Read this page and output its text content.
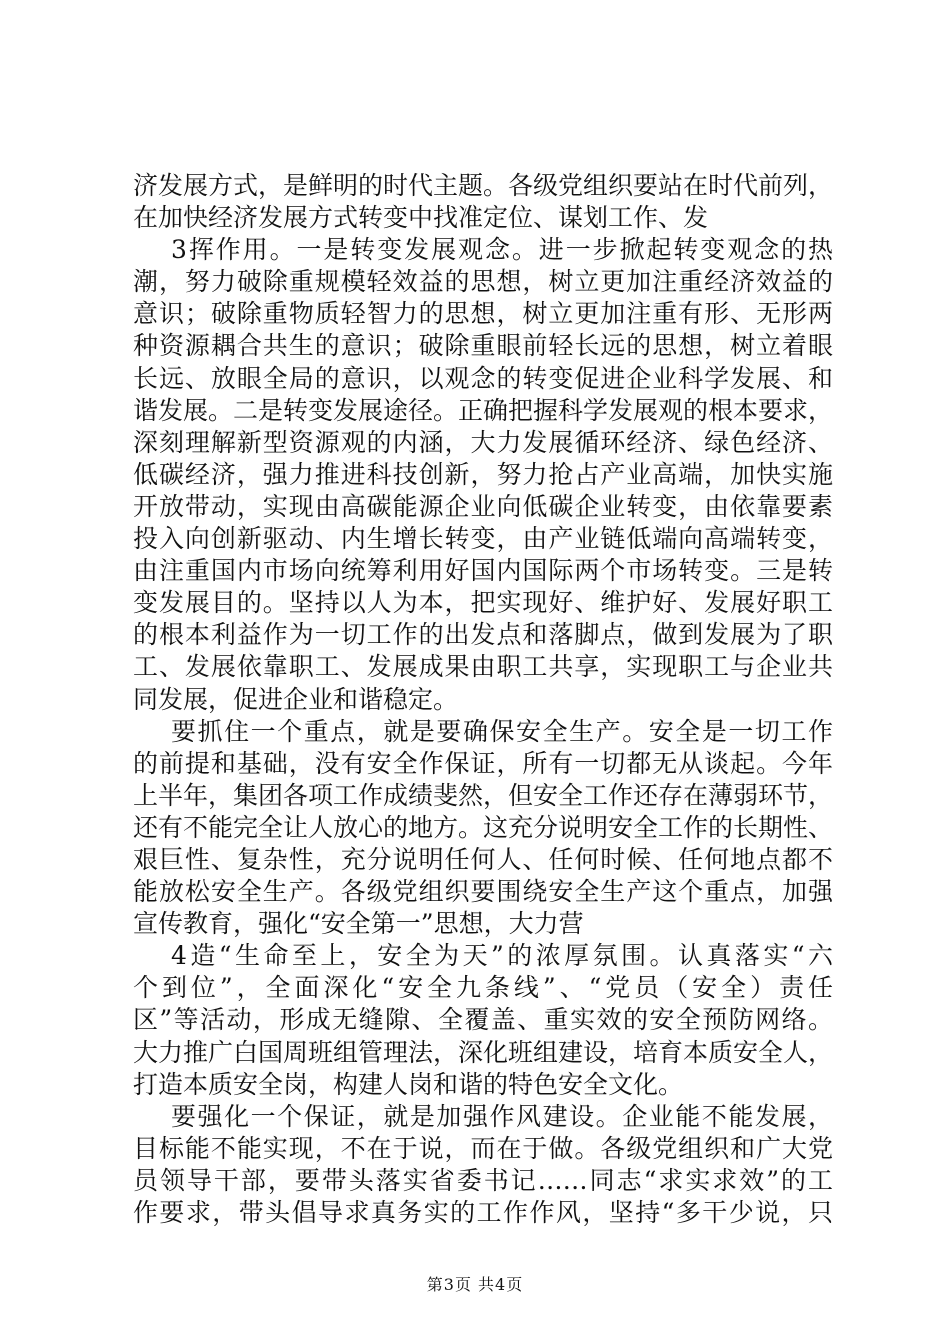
济发展方式，是鲜明的时代主题。各级党组织要站在时代前列，
在加快经济发展方式转变中找准定位、谋划工作、发
3挥作用。一是转变发展观念。进一步掀起转变观念的热
潮，努力破除重规模轻效益的思想，树立更加注重经济效益的
意识；破除重物质轻智力的思想，树立更加注重有形、无形两
种资源耦合共生的意识；破除重眼前轻长远的思想，树立着眼
长远、放眼全局的意识，以观念的转变促进企业科学发展、和
谐发展。二是转变发展途径。正确把握科学发展观的根本要求，
深刻理解新型资源观的内涵，大力发展循环经济、绿色经济、
低碳经济，强力推进科技创新，努力抢占产业高端，加快实施
开放带动，实现由高碳能源企业向低碳企业转变，由依靠要素
投入向创新驱动、内生增长转变，由产业链低端向高端转变，
由注重国内市场向统筹利用好国内国际两个市场转变。三是转
变发展目的。坚持以人为本，把实现好、维护好、发展好职工
的根本利益作为一切工作的出发点和落脚点，做到发展为了职
工、发展依靠职工、发展成果由职工共享，实现职工与企业共
同发展，促进企业和谐稳定。
要抓住一个重点，就是要确保安全生产。安全是一切工作
的前提和基础，没有安全作保证，所有一切都无从谈起。今年
上半年，集团各项工作成绩斐然，但安全工作还存在薄弱环节，
还有不能完全让人放心的地方。这充分说明安全工作的长期性、
艰巨性、复杂性，充分说明任何人、任何时候、任何地点都不
能放松安全生产。各级党组织要围绕安全生产这个重点，加强
宣传教育，强化“安全第一”思想，大力营
4造“生命至上，安全为天”的浓厚氛围。认真落实“六
个到位”，全面深化“安全九条线”、“党员（安全）责任
区”等活动，形成无缝隙、全覆盖、重实效的安全预防网络。
大力推广白国周班组管理法，深化班组建设，培育本质安全人，
打造本质安全岗，构建人岗和谐的特色安全文化。
要强化一个保证，就是加强作风建设。企业能不能发展，
目标能不能实现，不在于说，而在于做。各级党组织和广大党
员领导干部，要带头落实省委书记……同志“求实求效”的工
作要求，带头倡导求真务实的工作作风，坚持“多干少说，只
第3页 共4页
